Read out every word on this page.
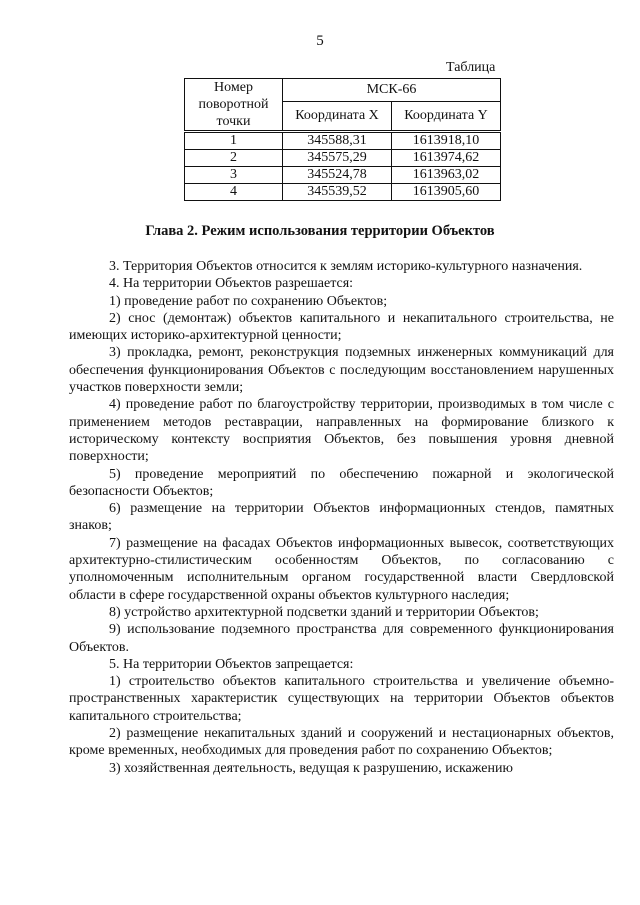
5
Таблица
Номер поворотной точки	МСК-66	
	Координата X	Координата Y
1	345588,31	1613918,10
2	345575,29	1613974,62
3	345524,78	1613963,02
4	345539,52	1613905,60
Глава 2. Режим использования территории Объектов

3. Территория Объектов относится к землям историко-культурного назначения.

4. На территории Объектов разрешается:

1) проведение работ по сохранению Объектов;

2) снос (демонтаж) объектов капитального и некапитального строительства, не имеющих историко-архитектурной ценности;

3) прокладка, ремонт, реконструкция подземных инженерных коммуникаций для обеспечения функционирования Объектов с последующим восстановлением нарушенных участков поверхности земли;

4) проведение работ по благоустройству территории, производимых в том числе с применением методов реставрации, направленных на формирование близкого к историческому контексту восприятия Объектов, без повышения уровня дневной поверхности;

5) проведение мероприятий по обеспечению пожарной и экологической безопасности Объектов;

6) размещение на территории Объектов информационных стендов, памятных знаков;

7) размещение на фасадах Объектов информационных вывесок, соответствующих архитектурно-стилистическим особенностям Объектов, по согласованию с уполномоченным исполнительным органом государственной власти Свердловской области в сфере государственной охраны объектов культурного наследия;

8) устройство архитектурной подсветки зданий и территории Объектов;

9) использование подземного пространства для современного функционирования Объектов.

5. На территории Объектов запрещается:

1) строительство объектов капитального строительства и увеличение объемно-пространственных характеристик существующих на территории Объектов объектов капитального строительства;

2) размещение некапитальных зданий и сооружений и нестационарных объектов, кроме временных, необходимых для проведения работ по сохранению Объектов;

3) хозяйственная деятельность, ведущая к разрушению, искажению
